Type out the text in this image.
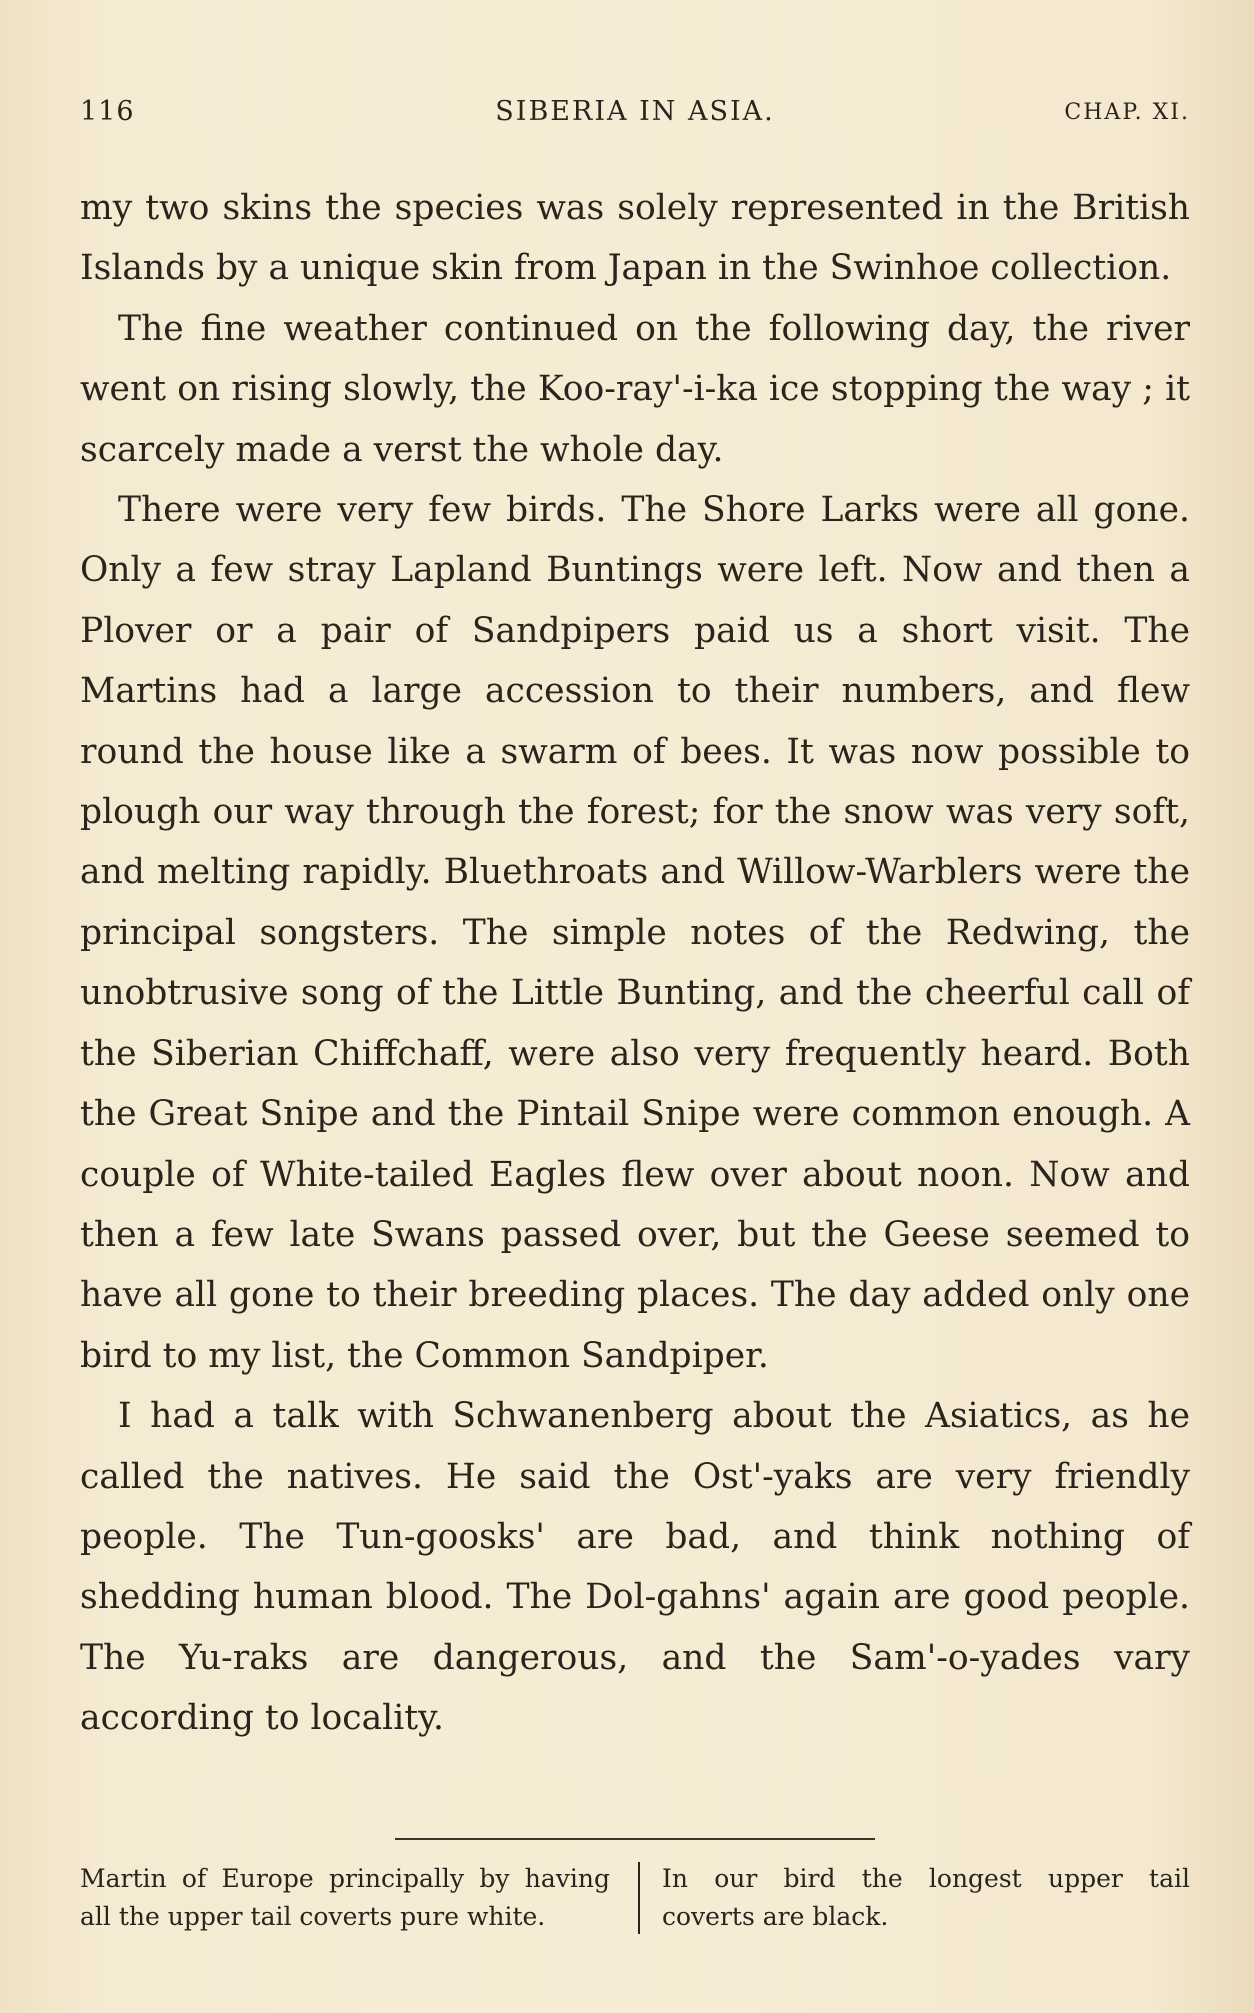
116	SIBERIA IN ASIA.	CHAP. XI.

my two skins the species was solely represented in the British Islands by a unique skin from Japan in the Swinhoe collection.

The fine weather continued on the following day, the river went on rising slowly, the Koo-ray'-i-ka ice stopping the way ; it scarcely made a verst the whole day.

There were very few birds. The Shore Larks were all gone. Only a few stray Lapland Buntings were left. Now and then a Plover or a pair of Sandpipers paid us a short visit. The Martins had a large accession to their numbers, and flew round the house like a swarm of bees. It was now possible to plough our way through the forest; for the snow was very soft, and melting rapidly. Bluethroats and Willow-Warblers were the principal songsters. The simple notes of the Redwing, the unobtrusive song of the Little Bunting, and the cheerful call of the Siberian Chiffchaff, were also very frequently heard. Both the Great Snipe and the Pintail Snipe were common enough. A couple of White-tailed Eagles flew over about noon. Now and then a few late Swans passed over, but the Geese seemed to have all gone to their breeding places. The day added only one bird to my list, the Common Sandpiper.

I had a talk with Schwanenberg about the Asiatics, as he called the natives. He said the Ost'-yaks are very friendly people. The Tun-goosks' are bad, and think nothing of shedding human blood. The Dol-gahns' again are good people. The Yu-raks are dangerous, and the Sam'-o-yades vary according to locality.

Martin of Europe principally by having
all the upper tail coverts pure white.
In our bird the longest upper tail
coverts are black.
